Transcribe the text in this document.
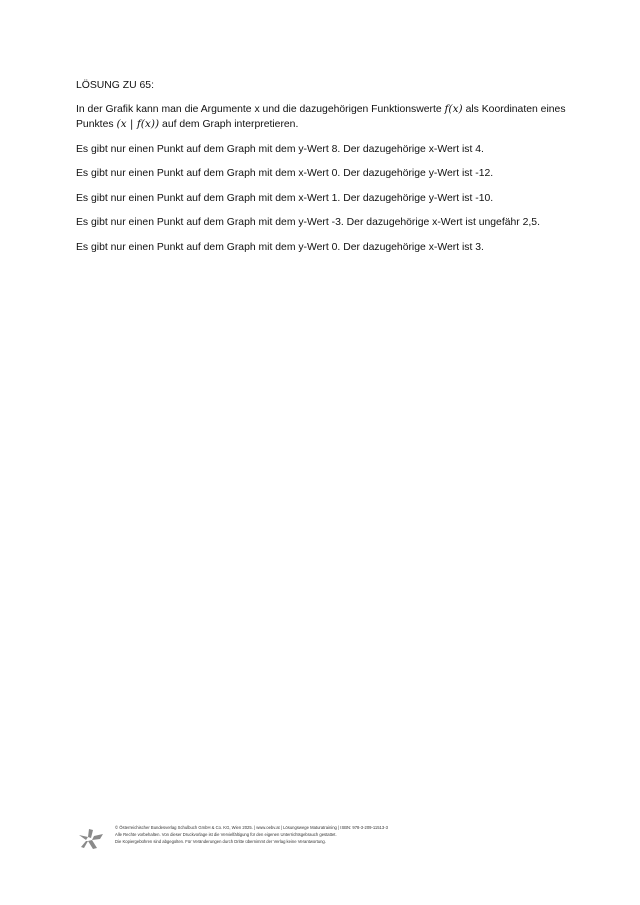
LÖSUNG ZU 65:

In der Grafik kann man die Argumente x und die dazugehörigen Funktionswerte f(x) als Koordinaten eines Punktes (x | f(x)) auf dem Graph interpretieren.

Es gibt nur einen Punkt auf dem Graph mit dem y-Wert 8. Der dazugehörige x-Wert ist 4.

Es gibt nur einen Punkt auf dem Graph mit dem x-Wert 0. Der dazugehörige y-Wert ist -12.

Es gibt nur einen Punkt auf dem Graph mit dem x-Wert 1. Der dazugehörige y-Wert ist -10.

Es gibt nur einen Punkt auf dem Graph mit dem y-Wert -3. Der dazugehörige x-Wert ist ungefähr 2,5.

Es gibt nur einen Punkt auf dem Graph mit dem y-Wert 0. Der dazugehörige x-Wert ist 3.

© Österreichischer Bundesverlag Schulbuch GmbH & Co. KG, Wien 2025. | www.oebv.at | Lösungswege Maturatraining | ISBN: 978-3-209-11513-3
Alle Rechte vorbehalten. Von dieser Druckvorlage ist die Vervielfältigung für den eigenen Unterrichtsgebrauch gestattet.
Die Kopiergebühren sind abgegolten. Für Veränderungen durch Dritte übernimmt der Verlag keine Verantwortung.
